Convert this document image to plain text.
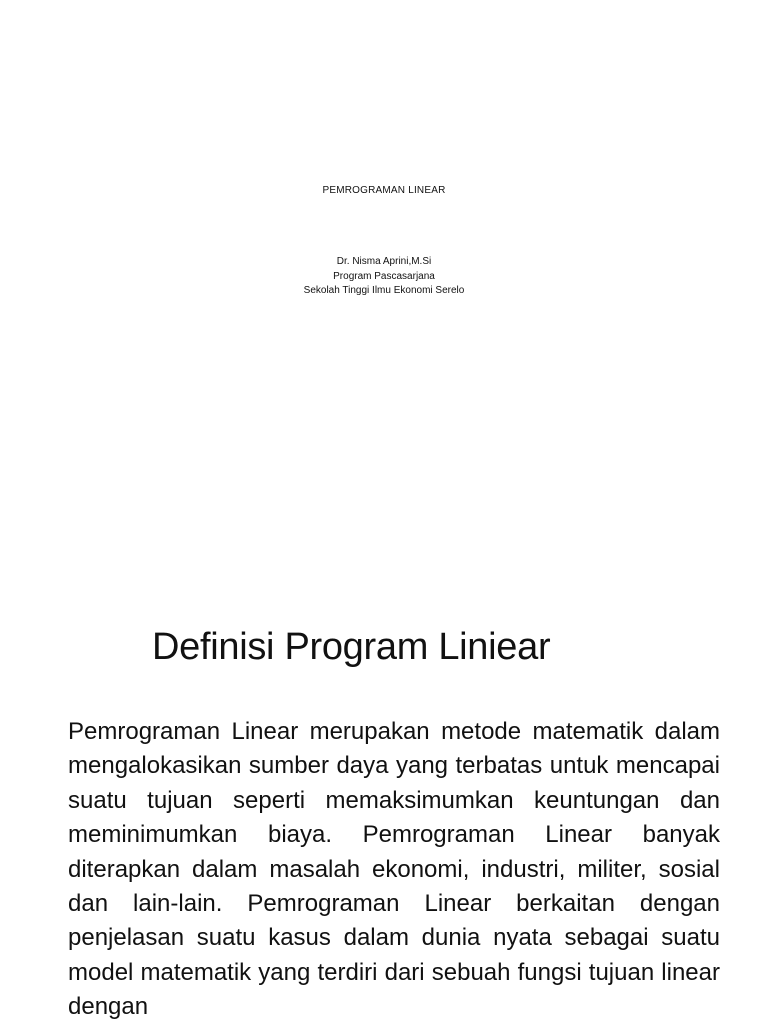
PEMROGRAMAN LINEAR
Dr. Nisma Aprini,M.Si
Program Pascasarjana
Sekolah Tinggi Ilmu Ekonomi Serelo
Definisi Program Liniear

Pemrograman Linear merupakan metode matematik dalam mengalokasikan sumber daya yang terbatas untuk mencapai suatu tujuan seperti memaksimumkan keuntungan dan meminimumkan biaya. Pemrograman Linear banyak diterapkan dalam masalah ekonomi, industri, militer, sosial dan lain-lain. Pemrograman Linear berkaitan dengan penjelasan suatu kasus dalam dunia nyata sebagai suatu model matematik yang terdiri dari sebuah fungsi tujuan linear dengan
